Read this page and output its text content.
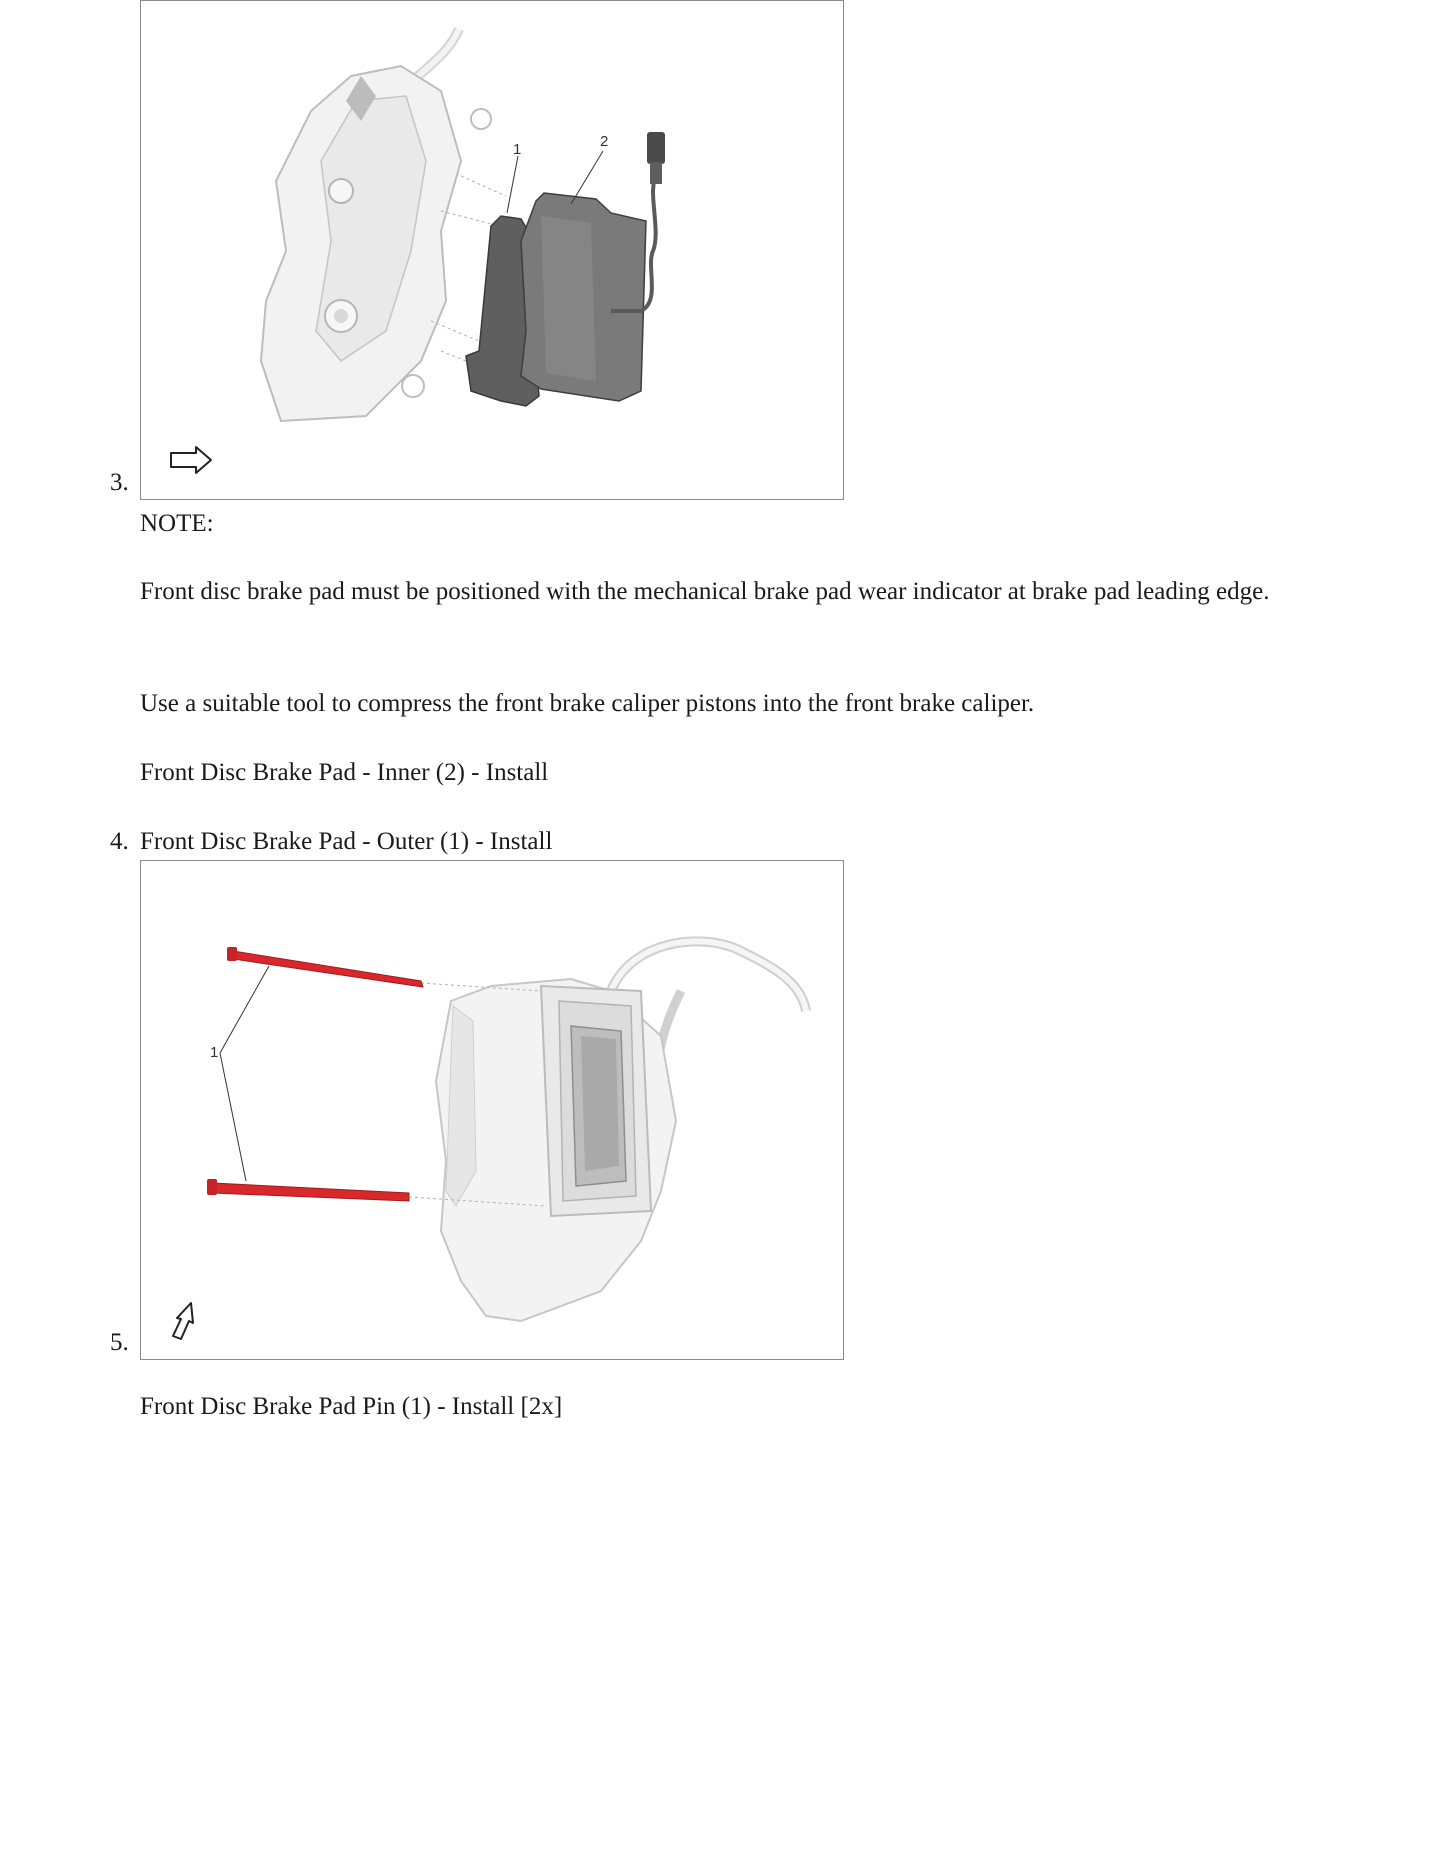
1	2
3.
NOTE:
Front disc brake pad must be positioned with the mechanical brake pad wear indicator at brake pad leading edge.
Use a suitable tool to compress the front brake caliper pistons into the front brake caliper.
Front Disc Brake Pad - Inner (2) - Install
4. Front Disc Brake Pad - Outer (1) - Install
1
5.
Front Disc Brake Pad Pin (1) - Install [2x]
